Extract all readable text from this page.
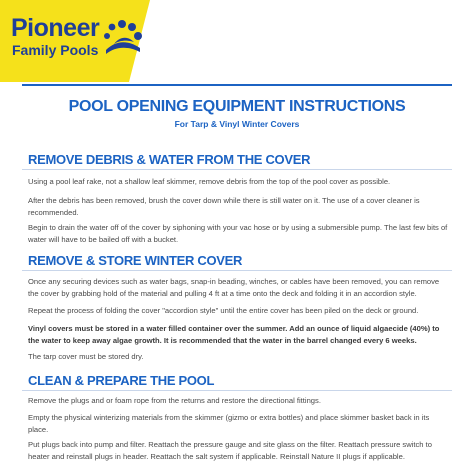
Pioneer
Family Pools
POOL OPENING EQUIPMENT INSTRUCTIONS
For Tarp & Vinyl Winter Covers
REMOVE DEBRIS & WATER FROM THE COVER
Using a pool leaf rake, not a shallow leaf skimmer, remove debris from the top of the pool cover as possible.
After the debris has been removed, brush the cover down while there is still water on it. The use of a cover cleaner is recommended.
Begin to drain the water off of the cover by siphoning with your vac hose or by using a submersible pump. The last few bits of water will have to be bailed off with a bucket.
REMOVE & STORE WINTER COVER
Once any securing devices such as water bags, snap-in beading, winches, or cables have been removed, you can remove the cover by grabbing hold of the material and pulling 4 ft at a time onto the deck and folding it in an accordion style.
Repeat the process of folding the cover "accordion style" until the entire cover has been piled on the deck or ground.
Vinyl covers must be stored in a water filled container over the summer. Add an ounce of liquid algaecide (40%) to the water to keep away algae growth. It is recommended that the water in the barrel changed every 6 weeks.
The tarp cover must be stored dry.
CLEAN & PREPARE THE POOL
Remove the plugs and or foam rope from the returns and restore the directional fittings.
Empty the physical winterizing materials from the skimmer (gizmo or extra bottles) and place skimmer basket back in its place.
Put plugs back into pump and filter. Reattach the pressure gauge and site glass on the filter. Reattach pressure switch to heater and reinstall plugs in header. Reattach the salt system if applicable. Reinstall Nature II plugs if applicable.
